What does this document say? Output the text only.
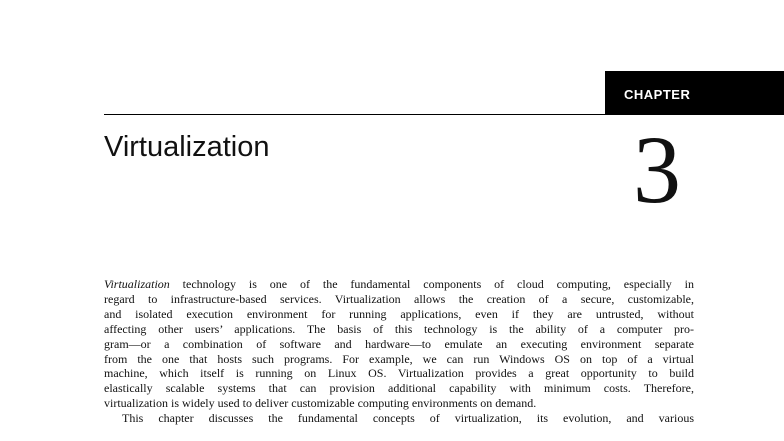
CHAPTER
Virtualization	3

Virtualization technology is one of the fundamental components of cloud computing, especially in
regard to infrastructure-based services. Virtualization allows the creation of a secure, customizable,
and isolated execution environment for running applications, even if they are untrusted, without
affecting other users’ applications. The basis of this technology is the ability of a computer pro-
gram—or a combination of software and hardware—to emulate an executing environment separate
from the one that hosts such programs. For example, we can run Windows OS on top of a virtual
machine, which itself is running on Linux OS. Virtualization provides a great opportunity to build
elastically scalable systems that can provision additional capability with minimum costs. Therefore,
virtualization is widely used to deliver customizable computing environments on demand.
This chapter discusses the fundamental concepts of virtualization, its evolution, and various
